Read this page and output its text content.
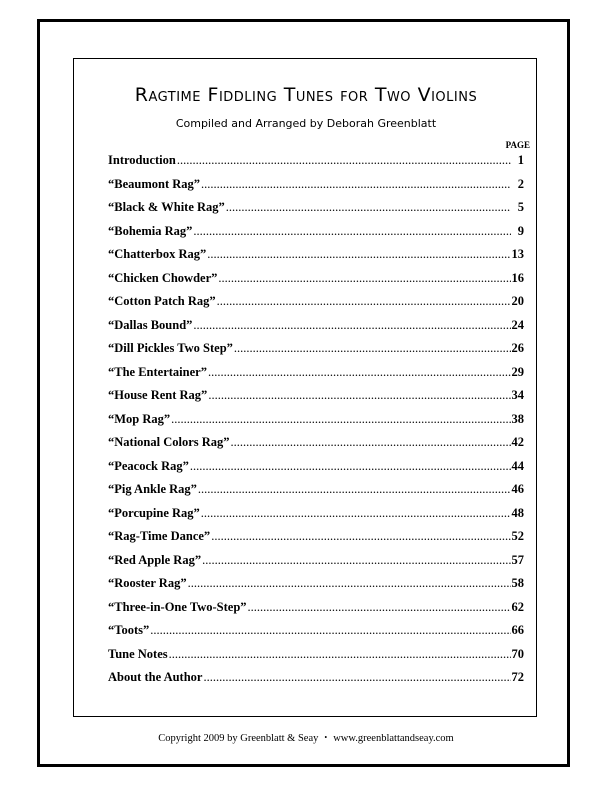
Ragtime Fiddling Tunes for Two Violins
Compiled and Arranged by Deborah Greenblatt
PAGE
Introduction .....	1
“Beaumont Rag” .....	2
“Black & White Rag” .....	5
“Bohemia Rag” .....	9
“Chatterbox Rag” .....	13
“Chicken Chowder” .....	16
“Cotton Patch Rag” .....	20
“Dallas Bound” .....	24
“Dill Pickles Two Step” .....	26
“The Entertainer” .....	29
“House Rent Rag” .....	34
“Mop Rag” .....	38
“National Colors Rag” .....	42
“Peacock Rag” .....	44
“Pig Ankle Rag” .....	46
“Porcupine Rag” .....	48
“Rag-Time Dance” .....	52
“Red Apple Rag” .....	57
“Rooster Rag” .....	58
“Three-in-One Two-Step” .....	62
“Toots” .....	66
Tune Notes .....	70
About the Author .....	72
Copyright 2009 by Greenblatt & Seay • www.greenblattandseay.com
